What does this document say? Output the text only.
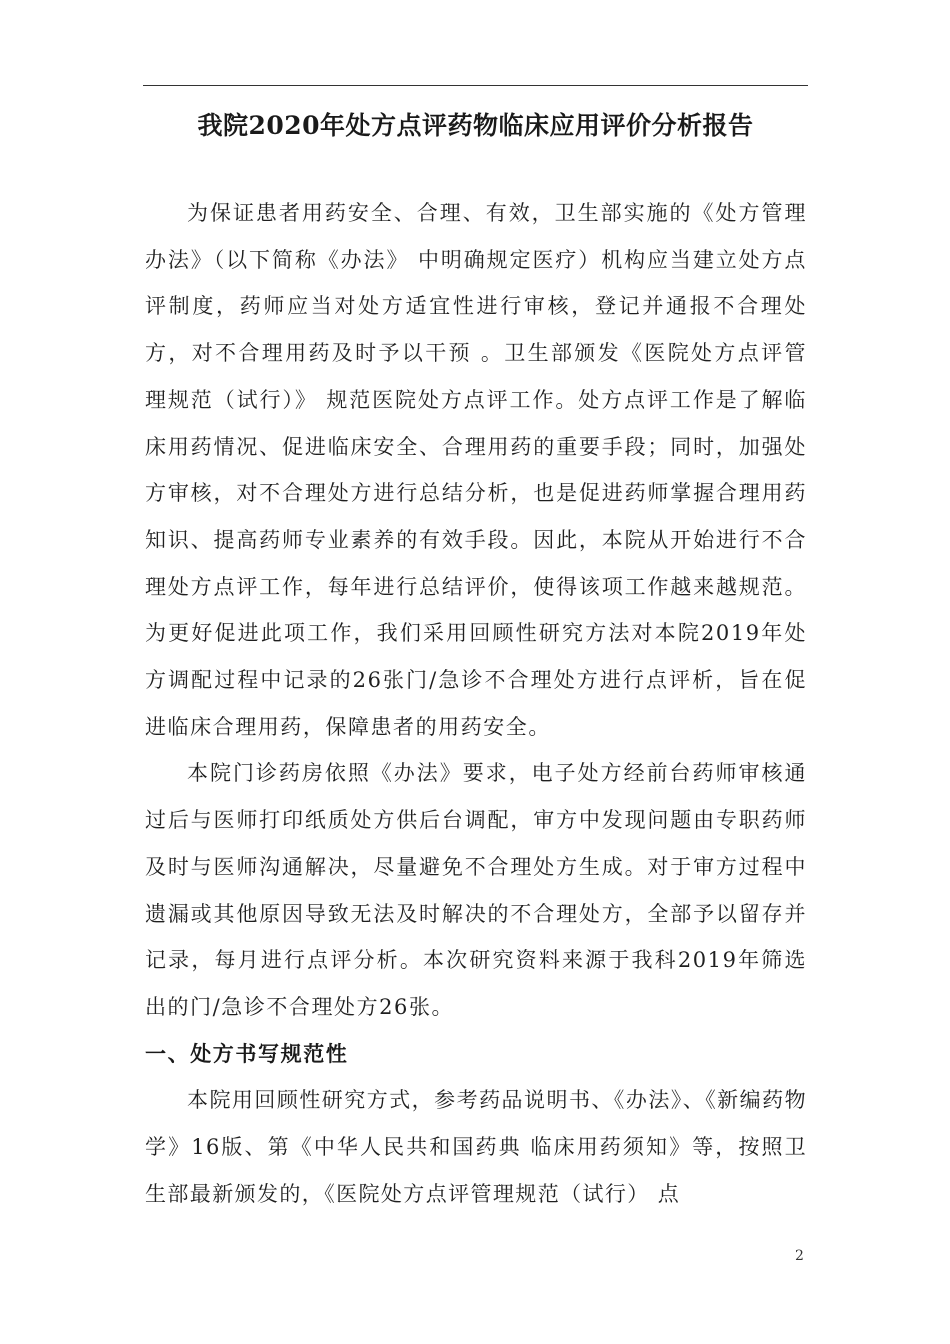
我院2020年处方点评药物临床应用评价分析报告

为保证患者用药安全、合理、有效，卫生部实施的《处方管理办法》（以下简称《办法》 中明确规定医疗）机构应当建立处方点评制度，药师应当对处方适宜性进行审核，登记并通报不合理处方，对不合理用药及时予以干预 。卫生部颁发《医院处方点评管理规范（试行）》 规范医院处方点评工作。处方点评工作是了解临床用药情况、促进临床安全、合理用药的重要手段；同时，加强处方审核，对不合理处方进行总结分析，也是促进药师掌握合理用药知识、提高药师专业素养的有效手段。因此，本院从开始进行不合理处方点评工作，每年进行总结评价，使得该项工作越来越规范。为更好促进此项工作，我们采用回顾性研究方法对本院2019年处方调配过程中记录的26张门/急诊不合理处方进行点评析，旨在促进临床合理用药，保障患者的用药安全。

本院门诊药房依照《办法》要求，电子处方经前台药师审核通过后与医师打印纸质处方供后台调配，审方中发现问题由专职药师及时与医师沟通解决，尽量避免不合理处方生成。对于审方过程中遗漏或其他原因导致无法及时解决的不合理处方，全部予以留存并记录，每月进行点评分析。本次研究资料来源于我科2019年筛选出的门/急诊不合理处方26张。

一、处方书写规范性

本院用回顾性研究方式，参考药品说明书、《办法》、《新编药物学》16版、第《中华人民共和国药典 临床用药须知》等，按照卫生部最新颁发的，《医院处方点评管理规范（试行） 点

2
